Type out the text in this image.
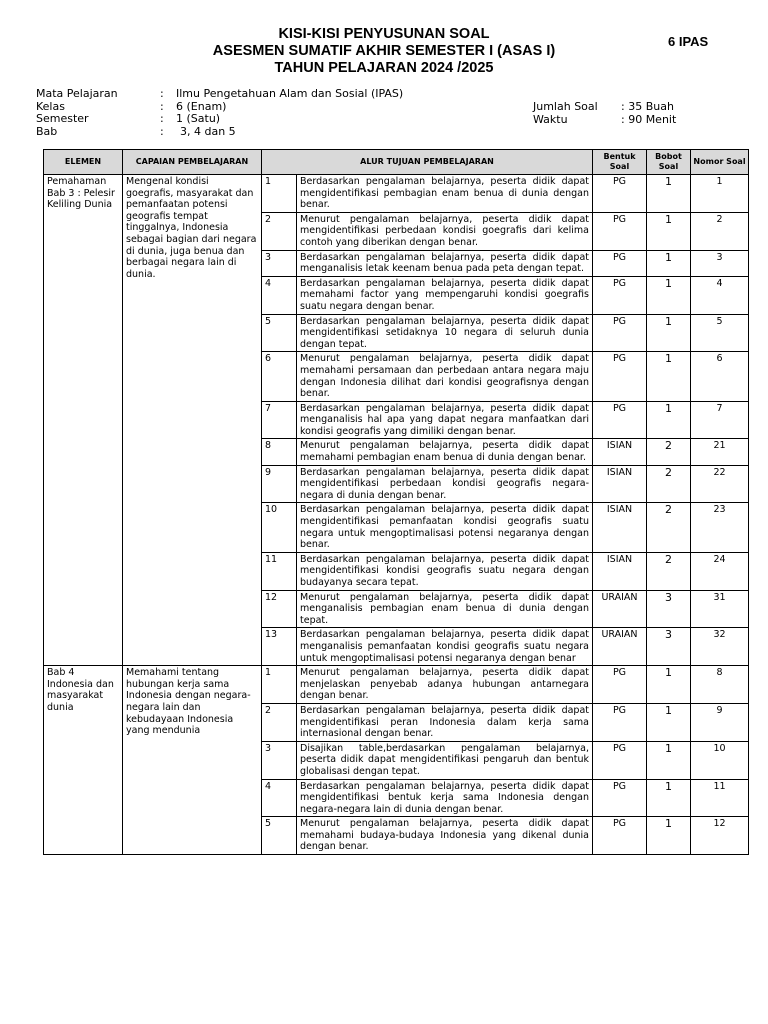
KISI-KISI PENYUSUNAN SOAL
ASESMEN SUMATIF AKHIR SEMESTER I (ASAS I)
TAHUN PELAJARAN 2024 /2025
6 IPAS
Mata Pelajaran	:	Ilmu Pengetahuan Alam dan Sosial (IPAS)
Kelas	:	6 (Enam)
Semester	:	1 (Satu)
Bab	:	3, 4 dan 5
Jumlah Soal	: 35 Buah
Waktu	: 90 Menit
ELEMEN	CAPAIAN PEMBELAJARAN	ALUR TUJUAN PEMBELAJARAN		Bentuk Soal	Bobot Soal	Nomor Soal
Pemahaman Bab 3 : Pelesir Keliling Dunia	Mengenal kondisi goegrafis, masyarakat dan pemanfaatan potensi geografis tempat tinggalnya, Indonesia sebagai bagian dari negara di dunia, juga benua dan berbagai negara lain di dunia.	1	Berdasarkan pengalaman belajarnya, peserta didik dapat mengidentifikasi pembagian enam benua di dunia dengan benar.	PG	1	1
		2	Menurut pengalaman belajarnya, peserta didik dapat mengidentifikasi perbedaan kondisi goegrafis dari kelima contoh yang diberikan dengan benar.	PG	1	2
		3	Berdasarkan pengalaman belajarnya, peserta didik dapat menganalisis letak keenam benua pada peta dengan tepat.	PG	1	3
		4	Berdasarkan pengalaman belajarnya, peserta didik dapat memahami factor yang mempengaruhi kondisi goegrafis suatu negara dengan benar.	PG	1	4
		5	Berdasarkan pengalaman belajarnya, peserta didik dapat mengidentifikasi setidaknya 10 negara di seluruh dunia dengan tepat.	PG	1	5
		6	Menurut pengalaman belajarnya, peserta didik dapat memahami persamaan dan perbedaan antara negara maju dengan Indonesia dilihat dari kondisi geografisnya dengan benar.	PG	1	6
		7	Berdasarkan pengalaman belajarnya, peserta didik dapat menganalisis hal apa yang dapat negara manfaatkan dari kondisi geografis yang dimiliki dengan benar.	PG	1	7
		8	Menurut pengalaman belajarnya, peserta didik dapat memahami pembagian enam benua di dunia dengan benar.	ISIAN	2	21
		9	Berdasarkan pengalaman belajarnya, peserta didik dapat mengidentifikasi perbedaan kondisi geografis negara-negara di dunia dengan benar.	ISIAN	2	22
		10	Berdasarkan pengalaman belajarnya, peserta didik dapat mengidentifikasi pemanfaatan kondisi geografis suatu negara untuk mengoptimalisasi potensi negaranya dengan benar.	ISIAN	2	23
		11	Berdasarkan pengalaman belajarnya, peserta didik dapat mengidentifikasi kondisi geografis suatu negara dengan budayanya secara tepat.	ISIAN	2	24
		12	Menurut pengalaman belajarnya, peserta didik dapat menganalisis pembagian enam benua di dunia dengan tepat.	URAIAN	3	31
		13	Berdasarkan pengalaman belajarnya, peserta didik dapat menganalisis pemanfaatan kondisi geografis suatu negara untuk mengoptimalisasi potensi negaranya dengan benar	URAIAN	3	32
Bab 4 Indonesia dan masyarakat dunia	Memahami tentang hubungan kerja sama Indonesia dengan negara-negara lain dan kebudayaan Indonesia yang mendunia	1	Menurut pengalaman belajarnya, peserta didik dapat menjelaskan penyebab adanya hubungan antarnegara dengan benar.	PG	1	8
		2	Berdasarkan pengalaman belajarnya, peserta didik dapat mengidentifikasi peran Indonesia dalam kerja sama internasional dengan benar.	PG	1	9
		3	Disajikan table,berdasarkan pengalaman belajarnya, peserta didik dapat mengidentifikasi pengaruh dan bentuk globalisasi dengan tepat.	PG	1	10
		4	Berdasarkan pengalaman belajarnya, peserta didik dapat mengidentifikasi bentuk kerja sama Indonesia dengan negara-negara lain di dunia dengan benar.	PG	1	11
		5	Menurut pengalaman belajarnya, peserta didik dapat memahami budaya-budaya Indonesia yang dikenal dunia dengan benar.	PG	1	12
